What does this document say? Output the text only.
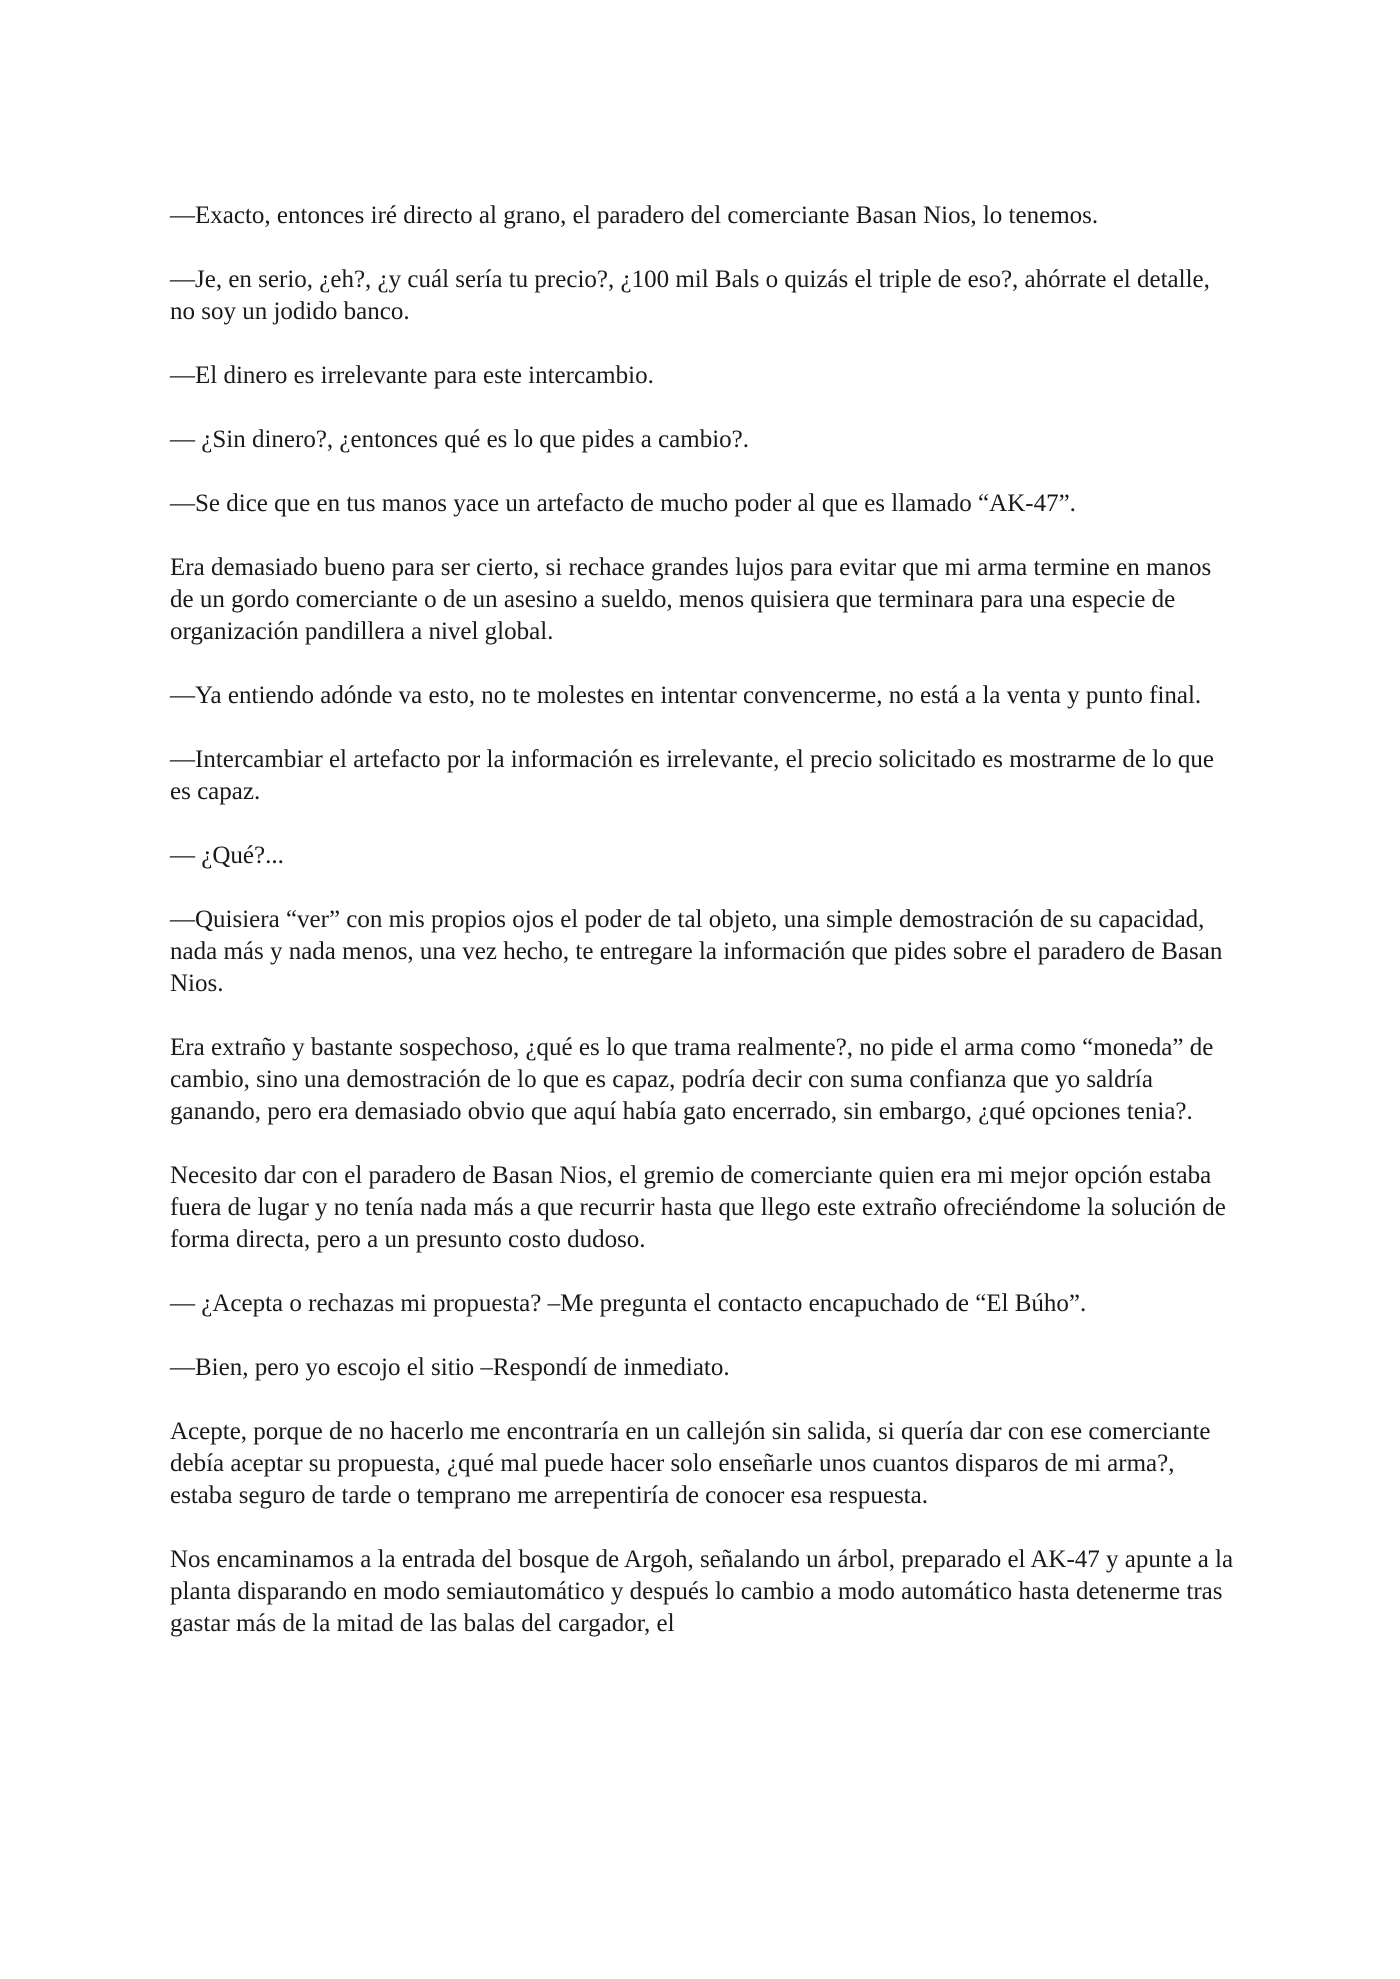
—Exacto, entonces iré directo al grano, el paradero del comerciante Basan Nios, lo tenemos.

—Je, en serio, ¿eh?, ¿y cuál sería tu precio?, ¿100 mil Bals o quizás el triple de eso?, ahórrate el detalle, no soy un jodido banco.

—El dinero es irrelevante para este intercambio.

— ¿Sin dinero?, ¿entonces qué es lo que pides a cambio?.

—Se dice que en tus manos yace un artefacto de mucho poder al que es llamado “AK-47”.

Era demasiado bueno para ser cierto, si rechace grandes lujos para evitar que mi arma termine en manos de un gordo comerciante o de un asesino a sueldo, menos quisiera que terminara para una especie de organización pandillera a nivel global.

—Ya entiendo adónde va esto, no te molestes en intentar convencerme, no está a la venta y punto final.

—Intercambiar el artefacto por la información es irrelevante, el precio solicitado es mostrarme de lo que es capaz.

— ¿Qué?...

—Quisiera “ver” con mis propios ojos el poder de tal objeto, una simple demostración de su capacidad, nada más y nada menos, una vez hecho, te entregare la información que pides sobre el paradero de Basan Nios.

Era extraño y bastante sospechoso, ¿qué es lo que trama realmente?, no pide el arma como “moneda” de cambio, sino una demostración de lo que es capaz, podría decir con suma confianza que yo saldría ganando, pero era demasiado obvio que aquí había gato encerrado, sin embargo, ¿qué opciones tenia?.

Necesito dar con el paradero de Basan Nios, el gremio de comerciante quien era mi mejor opción estaba fuera de lugar y no tenía nada más a que recurrir hasta que llego este extraño ofreciéndome la solución de forma directa, pero a un presunto costo dudoso.

— ¿Acepta o rechazas mi propuesta? –Me pregunta el contacto encapuchado de “El Búho”.

—Bien, pero yo escojo el sitio –Respondí de inmediato.

Acepte, porque de no hacerlo me encontraría en un callejón sin salida, si quería dar con ese comerciante debía aceptar su propuesta, ¿qué mal puede hacer solo enseñarle unos cuantos disparos de mi arma?, estaba seguro de tarde o temprano me arrepentiría de conocer esa respuesta.

Nos encaminamos a la entrada del bosque de Argoh, señalando un árbol, preparado el AK-47 y apunte a la planta disparando en modo semiautomático y después lo cambio a modo automático hasta detenerme tras gastar más de la mitad de las balas del cargador, el
